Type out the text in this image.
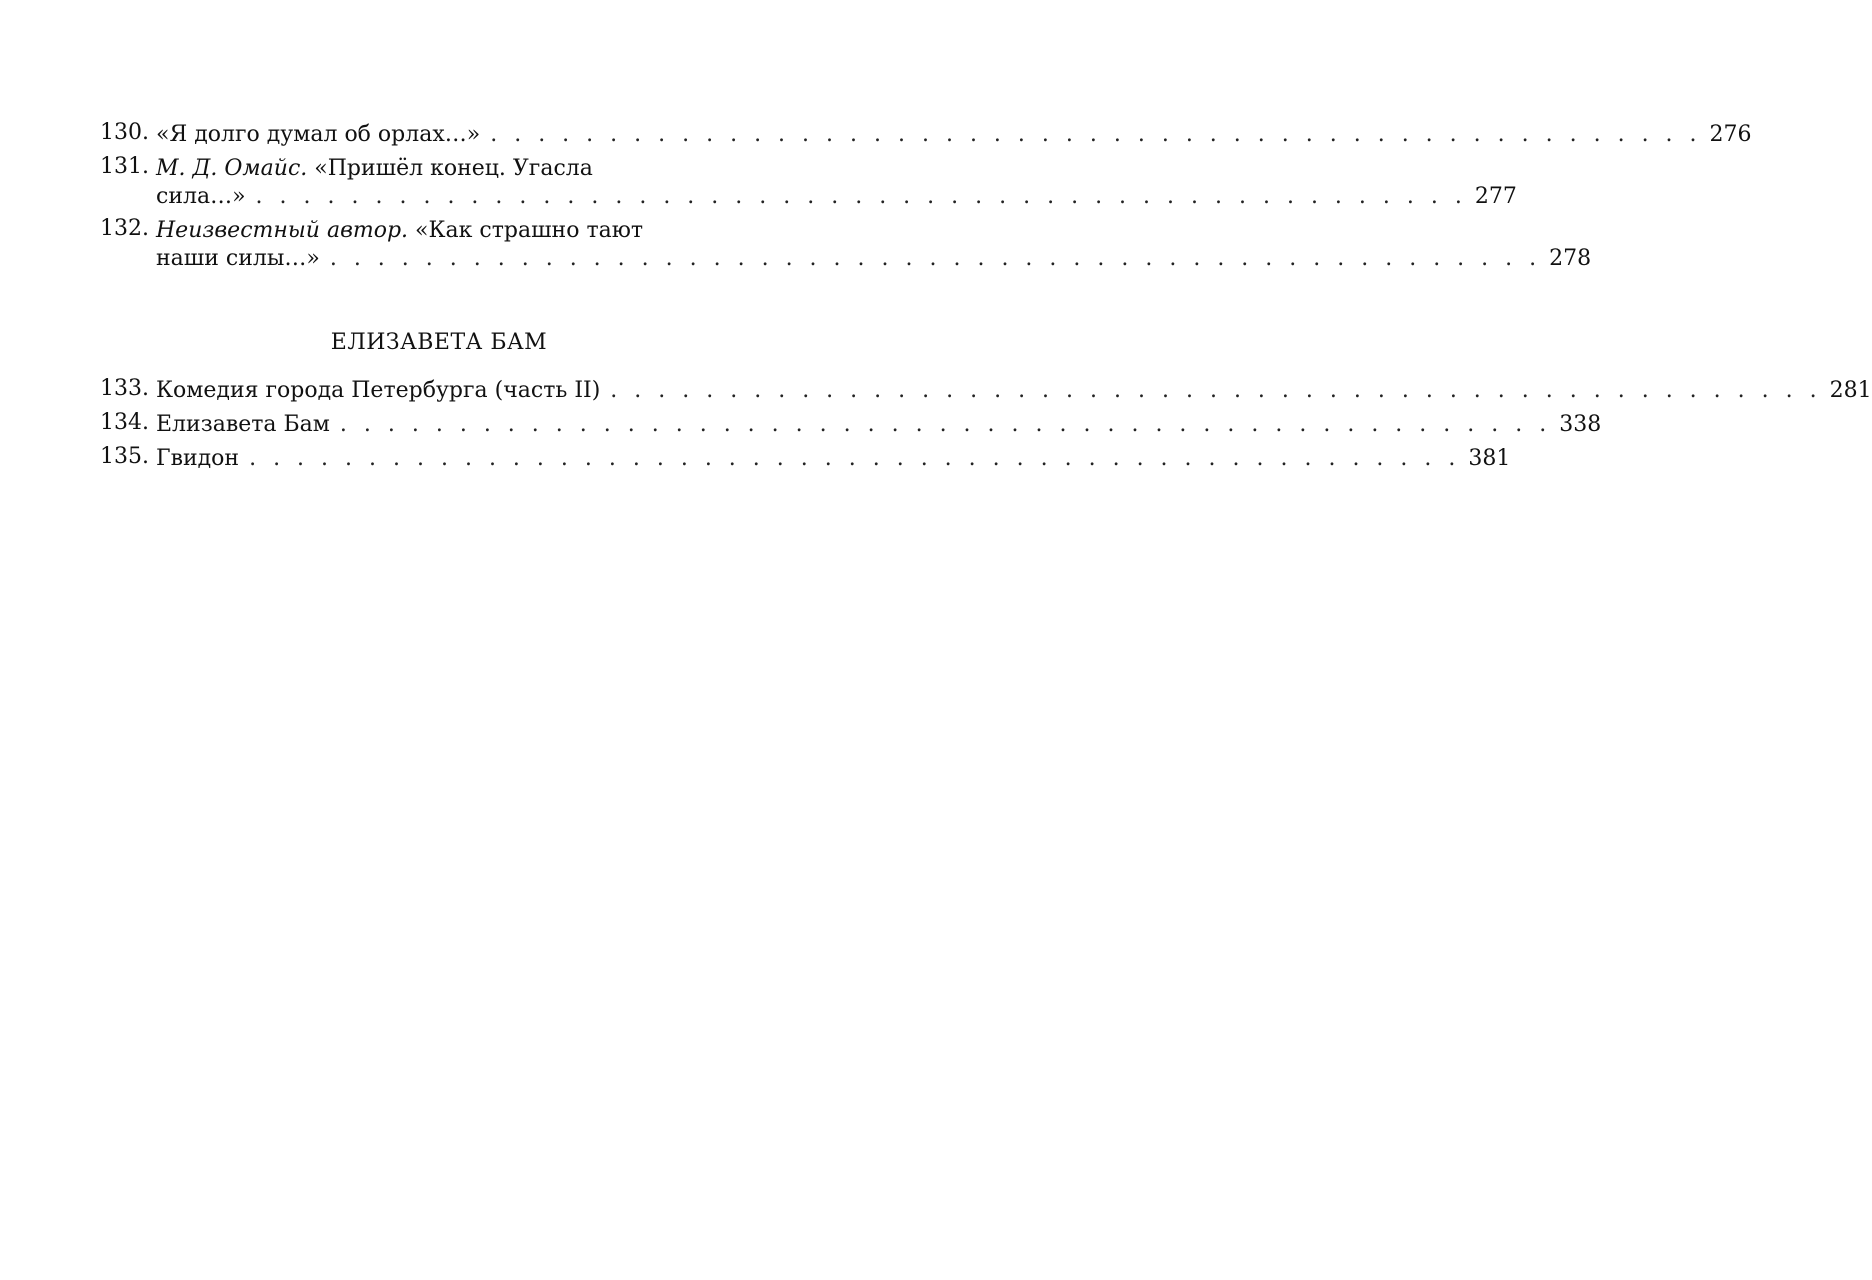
130. «Я долго думал об орлах…» . . . . . . . . . . . . . . . . . . . . . . . . . . . . . . . . . . . . . . . . . . . . . . . . . . . 276
131. М. Д. Омайс. «Пришёл конец. Угасла
сила…» . . . . . . . . . . . . . . . . . . . . . . . . . . . . . . . . . . . . . . . . . . . . . . . . . . . 277
132. Неизвестный автор. «Как страшно тают
наши силы…» . . . . . . . . . . . . . . . . . . . . . . . . . . . . . . . . . . . . . . . . . . . . . . . . . . . 278
ЕЛИЗАВЕТА БАМ
133. Комедия города Петербурга (часть II) . . . . . . . . . . . . . . . . . . . . . . . . . . . . . . . . . . . . . . . . . . . . . . . . . . . 281
134. Елизавета Бам . . . . . . . . . . . . . . . . . . . . . . . . . . . . . . . . . . . . . . . . . . . . . . . . . . . 338
135. Гвидон . . . . . . . . . . . . . . . . . . . . . . . . . . . . . . . . . . . . . . . . . . . . . . . . . . . 381
